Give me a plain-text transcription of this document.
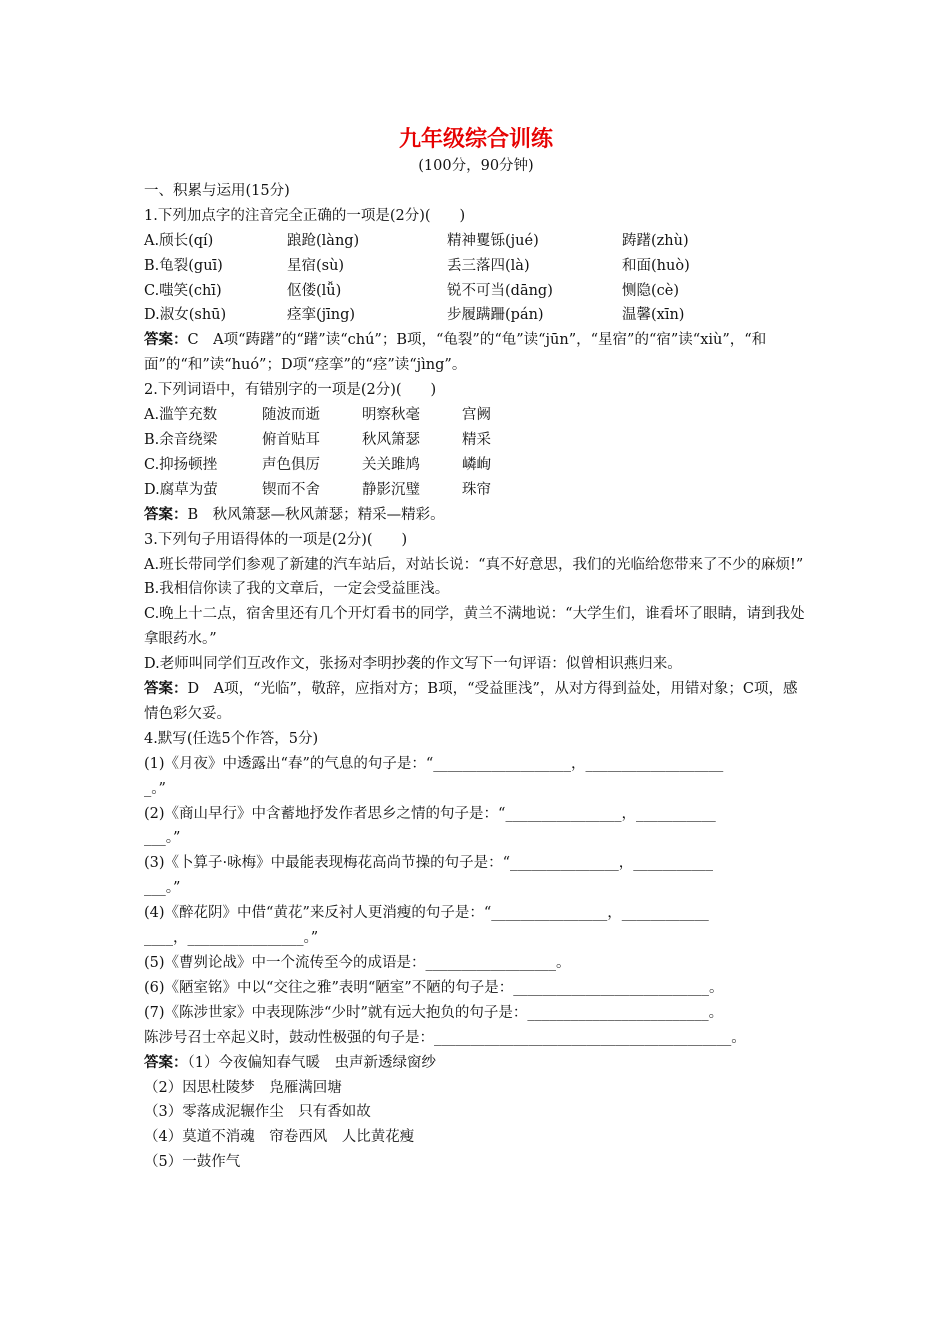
九年级综合训练
(100分，90分钟)
一、积累与运用(15分)
1.下列加点字的注音完全正确的一项是(2分)(　　)
A.颀长(qí)	踉跄(làng)	精神矍铄(jué)	踌躇(zhù)
B.龟裂(guī)	星宿(sù)	丢三落四(là)	和面(huò)
C.嗤笑(chī)	伛偻(lǚ)	锐不可当(dāng)	恻隐(cè)
D.淑女(shū)	痉挛(jīng)	步履蹒跚(pán)	温馨(xīn)
答案：C　A项“踌躇”的“躇”读“chú”；B项，“龟裂”的“龟”读“jūn”，“星宿”的“宿”读“xiù”，“和面”的“和”读“huó”；D项“痉挛”的“痉”读“jìng”。
2.下列词语中，有错别字的一项是(2分)(　　)
A.滥竽充数	随波而逝	明察秋毫	宫阙
B.余音绕梁	俯首贴耳	秋风箫瑟	精采
C.抑扬顿挫	声色俱厉	关关雎鸠	嶙峋
D.腐草为萤	锲而不舍	静影沉璧	珠帘
答案：B　秋风箫瑟—秋风萧瑟；精采—精彩。
3.下列句子用语得体的一项是(2分)(　　)
A.班长带同学们参观了新建的汽车站后，对站长说：“真不好意思，我们的光临给您带来了不少的麻烦!”
B.我相信你读了我的文章后，一定会受益匪浅。
C.晚上十二点，宿舍里还有几个开灯看书的同学，黄兰不满地说：“大学生们，谁看坏了眼睛，请到我处拿眼药水。”
D.老师叫同学们互改作文，张扬对李明抄袭的作文写下一句评语：似曾相识燕归来。
答案：D　A项，“光临”，敬辞，应指对方；B项，“受益匪浅”，从对方得到益处，用错对象；C项，感情色彩欠妥。
4.默写(任选5个作答，5分)
(1)《月夜》中透露出“春”的气息的句子是：“___________________，___________________
_。”
(2)《商山早行》中含蓄地抒发作者思乡之情的句子是：“________________，___________
___。”
(3)《卜算子·咏梅》中最能表现梅花高尚节操的句子是：“_______________，___________
___。”
(4)《醉花阴》中借“黄花”来反衬人更消瘦的句子是：“________________，____________
____，________________。”
(5)《曹刿论战》中一个流传至今的成语是：__________________。
(6)《陋室铭》中以“交往之雅”表明“陋室”不陋的句子是：___________________________。
(7)《陈涉世家》中表现陈涉“少时”就有远大抱负的句子是：_________________________。
陈涉号召士卒起义时，鼓动性极强的句子是：_________________________________________。
答案：（1）今夜偏知春气暖　虫声新透绿窗纱
（2）因思杜陵梦　凫雁满回塘
（3）零落成泥辗作尘　只有香如故
（4）莫道不消魂　帘卷西风　人比黄花瘦
（5）一鼓作气
